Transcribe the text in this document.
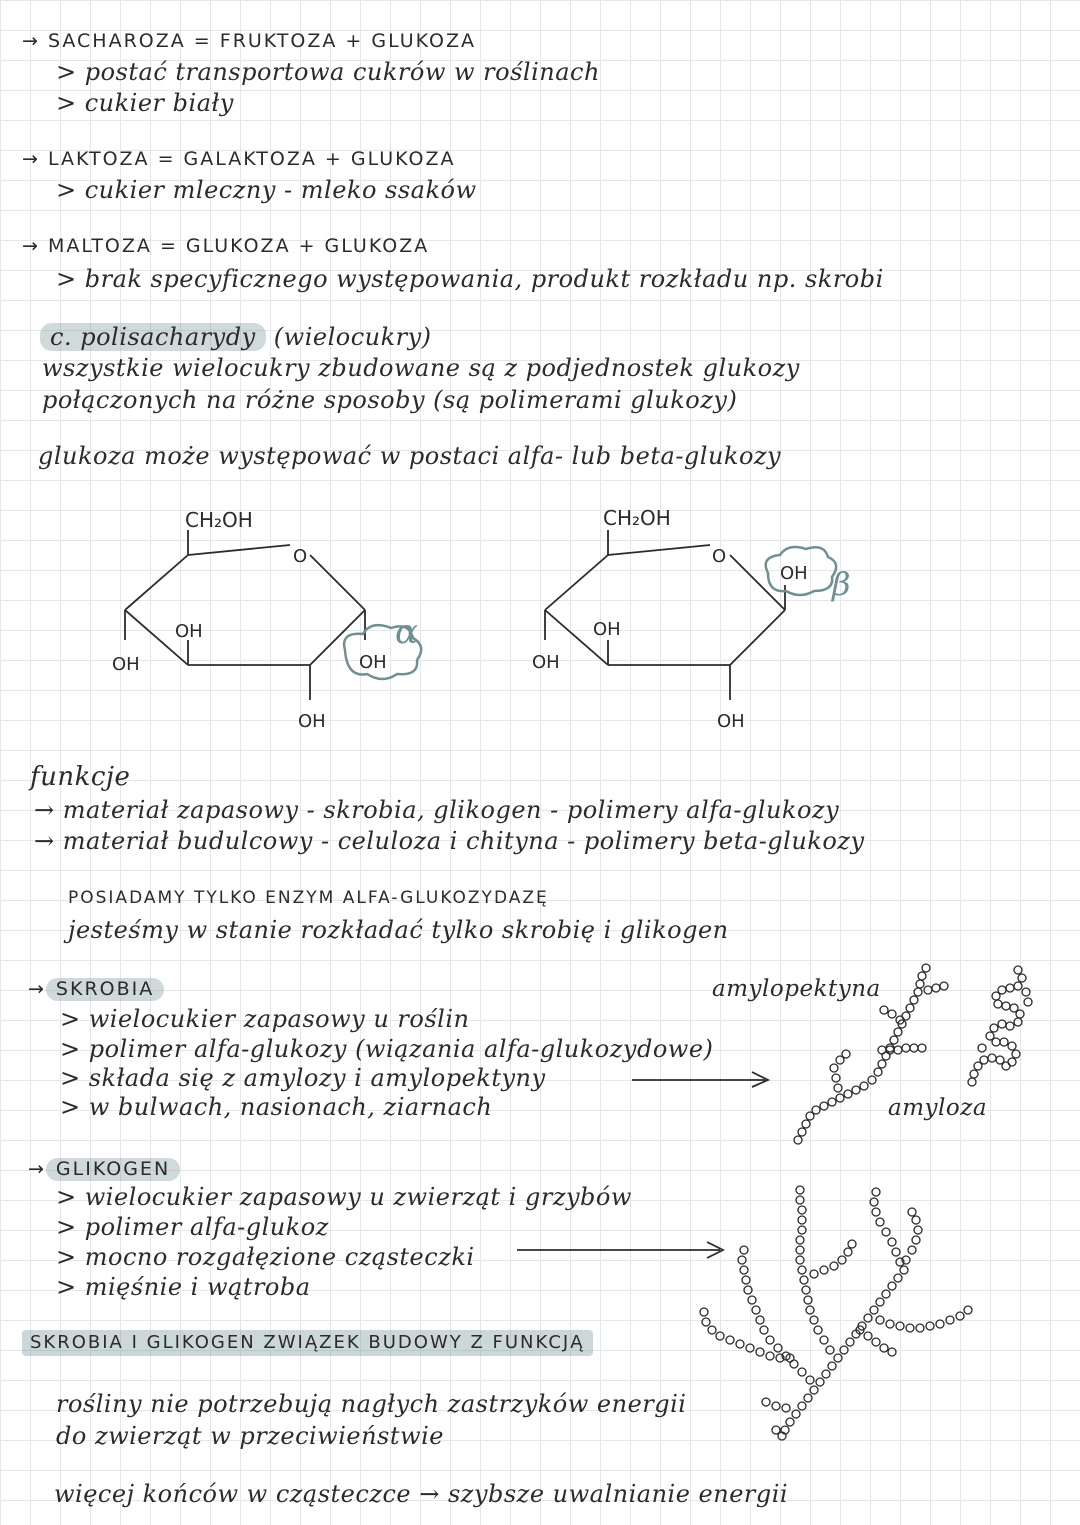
→ SACHAROZA = FRUKTOZA + GLUKOZA
> postać transportowa cukrów w roślinach
> cukier biały
→ LAKTOZA = GALAKTOZA + GLUKOZA
> cukier mleczny - mleko ssaków
→ MALTOZA = GLUKOZA + GLUKOZA
> brak specyficznego występowania, produkt rozkładu np. skrobi
c. polisacharydy (wielocukry)
wszystkie wielocukry zbudowane są z podjednostek glukozy
połączonych na różne sposoby (są polimerami glukozy)
glukoza może występować w postaci alfa- lub beta-glukozy
CH₂OH
O
OH
OH
OH
OH
α
CH₂OH
O
OH
OH
OH
OH β
funkcje
→ materiał zapasowy - skrobia, glikogen - polimery alfa-glukozy
→ materiał budulcowy - celuloza i chityna - polimery beta-glukozy
POSIADAMY TYLKO ENZYM ALFA-GLUKOZYDAZĘ
jesteśmy w stanie rozkładać tylko skrobię i glikogen
→ SKROBIA
> wielocukier zapasowy u roślin
> polimer alfa-glukozy (wiązania alfa-glukozydowe)
> składa się z amylozy i amylopektyny
> w bulwach, nasionach, ziarnach
amylopektyna
amyloza
→ GLIKOGEN
> wielocukier zapasowy u zwierząt i grzybów
> polimer alfa-glukoz
> mocno rozgałęzione cząsteczki
> mięśnie i wątroba
SKROBIA I GLIKOGEN ZWIĄZEK BUDOWY Z FUNKCJĄ
rośliny nie potrzebują nagłych zastrzyków energii
do zwierząt w przeciwieństwie
więcej końców w cząsteczce → szybsze uwalnianie energii
